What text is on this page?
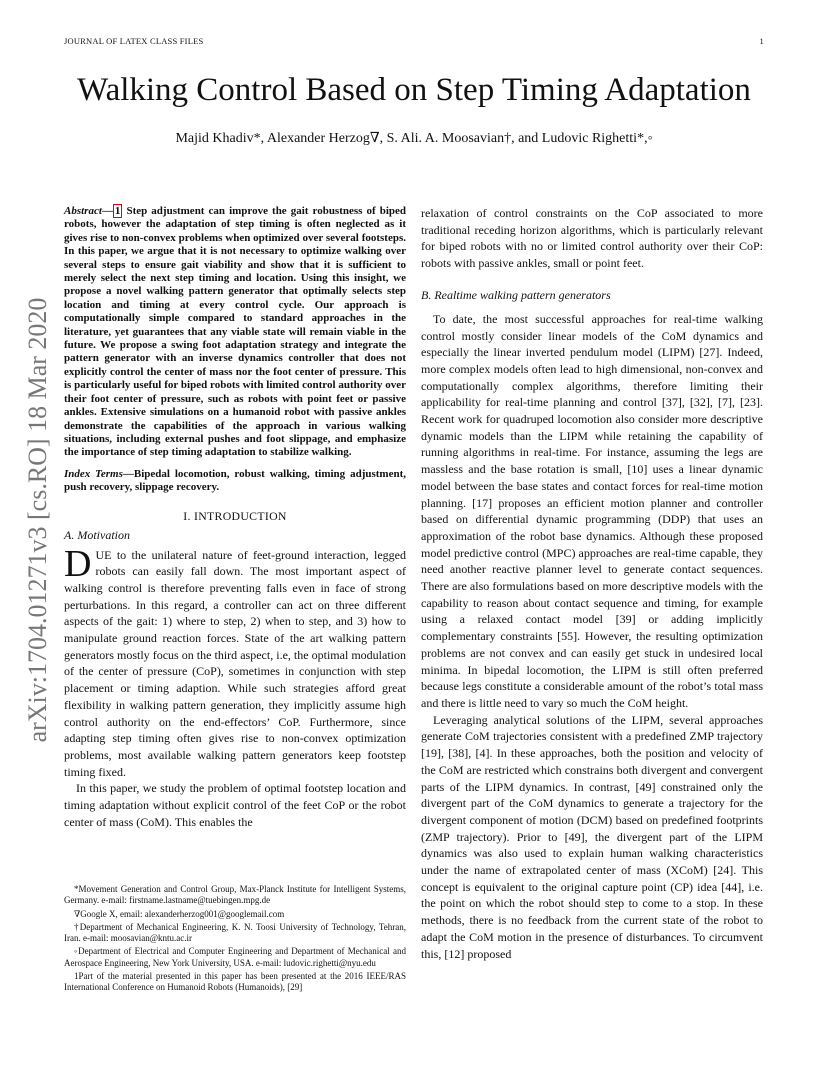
JOURNAL OF LATEX CLASS FILES	1
arXiv:1704.01271v3 [cs.RO] 18 Mar 2020
Walking Control Based on Step Timing Adaptation
Majid Khadiv*, Alexander Herzog∇, S. Ali. A. Moosavian†, and Ludovic Righetti*,◦

Abstract— 1 Step adjustment can improve the gait robustness of biped robots, however the adaptation of step timing is often neglected as it gives rise to non-convex problems when optimized over several footsteps. In this paper, we argue that it is not necessary to optimize walking over several steps to ensure gait viability and show that it is sufficient to merely select the next step timing and location. Using this insight, we propose a novel walking pattern generator that optimally selects step location and timing at every control cycle. Our approach is computationally simple compared to standard approaches in the literature, yet guarantees that any viable state will remain viable in the future. We propose a swing foot adaptation strategy and integrate the pattern generator with an inverse dynamics controller that does not explicitly control the center of mass nor the foot center of pressure. This is particularly useful for biped robots with limited control authority over their foot center of pressure, such as robots with point feet or passive ankles. Extensive simulations on a humanoid robot with passive ankles demonstrate the capabilities of the approach in various walking situations, including external pushes and foot slippage, and emphasize the importance of step timing adaptation to stabilize walking.

Index Terms—Bipedal locomotion, robust walking, timing adjustment, push recovery, slippage recovery.

I. INTRODUCTION
A. Motivation

DUE to the unilateral nature of feet-ground interaction, legged robots can easily fall down. The most important aspect of walking control is therefore preventing falls even in face of strong perturbations. In this regard, a controller can act on three different aspects of the gait: 1) where to step, 2) when to step, and 3) how to manipulate ground reaction forces. State of the art walking pattern generators mostly focus on the third aspect, i.e, the optimal modulation of the center of pressure (CoP), sometimes in conjunction with step placement or timing adaption. While such strategies afford great flexibility in walking pattern generation, they implicitly assume high control authority on the end-effectors’ CoP. Furthermore, since adapting step timing often gives rise to non-convex optimization problems, most available walking pattern generators keep footstep timing fixed.

In this paper, we study the problem of optimal footstep location and timing adaptation without explicit control of the feet CoP or the robot center of mass (CoM). This enables the

*Movement Generation and Control Group, Max-Planck Institute for Intelligent Systems, Germany. e-mail: firstname.lastname@tuebingen.mpg.de

∇Google X, email: alexanderherzog001@googlemail.com

†Department of Mechanical Engineering, K. N. Toosi University of Technology, Tehran, Iran. e-mail: moosavian@kntu.ac.ir

◦Department of Electrical and Computer Engineering and Department of Mechanical and Aerospace Engineering, New York University, USA. e-mail: ludovic.righetti@nyu.edu

1Part of the material presented in this paper has been presented at the 2016 IEEE/RAS International Conference on Humanoid Robots (Humanoids), [29]

relaxation of control constraints on the CoP associated to more traditional receding horizon algorithms, which is particularly relevant for biped robots with no or limited control authority over their CoP: robots with passive ankles, small or point feet.

B. Realtime walking pattern generators

To date, the most successful approaches for real-time walking control mostly consider linear models of the CoM dynamics and especially the linear inverted pendulum model (LIPM) [27]. Indeed, more complex models often lead to high dimensional, non-convex and computationally complex algorithms, therefore limiting their applicability for real-time planning and control [37], [32], [7], [23]. Recent work for quadruped locomotion also consider more descriptive dynamic models than the LIPM while retaining the capability of running algorithms in real-time. For instance, assuming the legs are massless and the base rotation is small, [10] uses a linear dynamic model between the base states and contact forces for real-time motion planning. [17] proposes an efficient motion planner and controller based on differential dynamic programming (DDP) that uses an approximation of the robot base dynamics. Although these proposed model predictive control (MPC) approaches are real-time capable, they need another reactive planner level to generate contact sequences. There are also formulations based on more descriptive models with the capability to reason about contact sequence and timing, for example using a relaxed contact model [39] or adding implicitly complementary constraints [55]. However, the resulting optimization problems are not convex and can easily get stuck in undesired local minima. In bipedal locomotion, the LIPM is still often preferred because legs constitute a considerable amount of the robot’s total mass and there is little need to vary so much the CoM height.

Leveraging analytical solutions of the LIPM, several approaches generate CoM trajectories consistent with a predefined ZMP trajectory [19], [38], [4]. In these approaches, both the position and velocity of the CoM are restricted which constrains both divergent and convergent parts of the LIPM dynamics. In contrast, [49] constrained only the divergent part of the CoM dynamics to generate a trajectory for the divergent component of motion (DCM) based on predefined footprints (ZMP trajectory). Prior to [49], the divergent part of the LIPM dynamics was also used to explain human walking characteristics under the name of extrapolated center of mass (XCoM) [24]. This concept is equivalent to the original capture point (CP) idea [44], i.e. the point on which the robot should step to come to a stop. In these methods, there is no feedback from the current state of the robot to adapt the CoM motion in the presence of disturbances. To circumvent this, [12] proposed
